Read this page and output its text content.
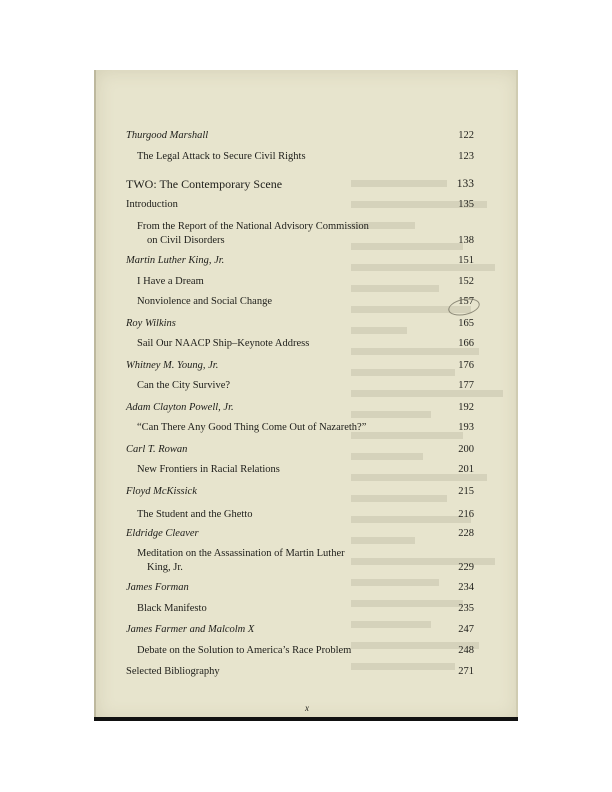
Thurgood Marshall	122
The Legal Attack to Secure Civil Rights	123
TWO: The Contemporary Scene	133
Introduction	135
From the Report of the National Advisory Commission
on Civil Disorders	138
Martin Luther King, Jr.	151
I Have a Dream	152
Nonviolence and Social Change	157
Roy Wilkins	165
Sail Our NAACP Ship–Keynote Address	166
Whitney M. Young, Jr.	176
Can the City Survive?	177
Adam Clayton Powell, Jr.	192
“Can There Any Good Thing Come Out of Nazareth?”	193
Carl T. Rowan	200
New Frontiers in Racial Relations	201
Floyd McKissick	215
The Student and the Ghetto	216
Eldridge Cleaver	228
Meditation on the Assassination of Martin Luther
King, Jr.	229
James Forman	234
Black Manifesto	235
James Farmer and Malcolm X	247
Debate on the Solution to America’s Race Problem	248
Selected Bibliography	271
x
